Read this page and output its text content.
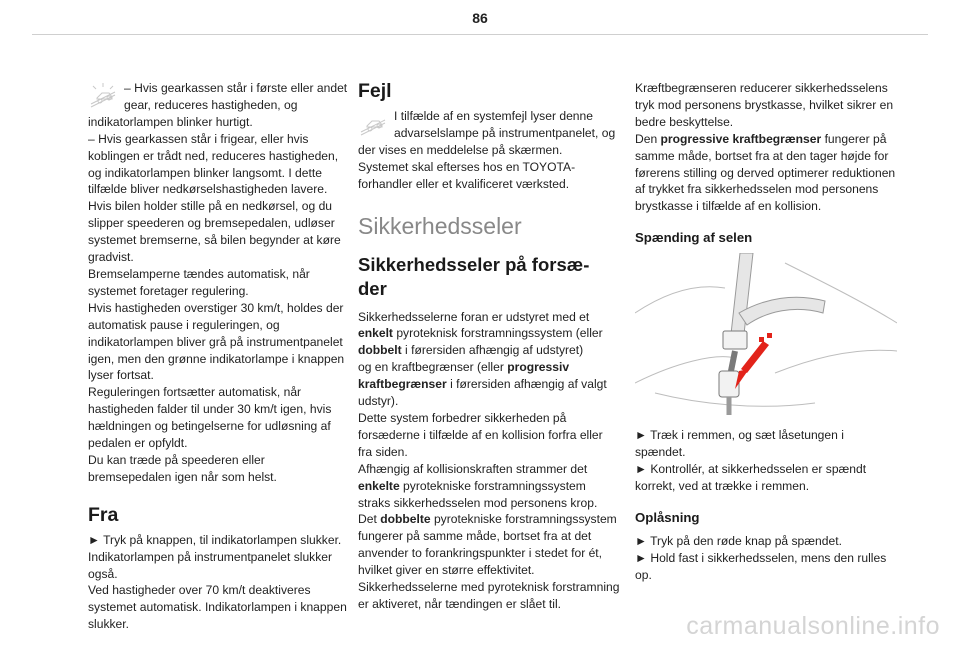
86

– Hvis gearkassen står i første eller andet gear, reduceres hastigheden, og indikatorlampen blinker hurtigt.

– Hvis gearkassen står i frigear, eller hvis koblingen er trådt ned, reduceres hastigheden, og indikatorlampen blinker langsomt. I dette tilfælde bliver nedkørselshastigheden lavere.

Hvis bilen holder stille på en nedkørsel, og du slipper speederen og bremsepedalen, udløser systemet bremserne, så bilen begynder at køre gradvist.

Bremselamperne tændes automatisk, når systemet foretager regulering.

Hvis hastigheden overstiger 30 km/t, holdes der automatisk pause i reguleringen, og indikatorlampen bliver grå på instrumentpanelet igen, men den grønne indikatorlampe i knappen lyser fortsat.

Reguleringen fortsætter automatisk, når hastigheden falder til under 30 km/t igen, hvis hældningen og betingelserne for udløsning af pedalen er opfyldt.

Du kan træde på speederen eller bremsepedalen igen når som helst.

Fra

► Tryk på knappen, til indikatorlampen slukker.

Indikatorlampen på instrumentpanelet slukker også.

Ved hastigheder over 70 km/t deaktiveres systemet automatisk. Indikatorlampen i knappen slukker.

Fejl

I tilfælde af en systemfejl lyser denne advarselslampe på instrumentpanelet, og der vises en meddelelse på skærmen.

Systemet skal efterses hos en TOYOTA-forhandler eller et kvalificeret værksted.

Sikkerhedsseler
Sikkerhedsseler på forsæ-
der

Sikkerhedsselerne foran er udstyret med et enkelt pyroteknisk forstramningssystem (eller dobbelt i førersiden afhængig af udstyret)

og en kraftbegrænser (eller progressiv kraftbegrænser i førersiden afhængig af valgt udstyr).

Dette system forbedrer sikkerheden på forsæderne i tilfælde af en kollision forfra eller fra siden.

Afhængig af kollisionskraften strammer det enkelte pyrotekniske forstramningssystem straks sikkerhedsselen mod personens krop.

Det dobbelte pyrotekniske forstramningssystem fungerer på samme måde, bortset fra at det anvender to forankringspunkter i stedet for ét, hvilket giver en større effektivitet.

Sikkerhedsselerne med pyroteknisk forstramning er aktiveret, når tændingen er slået til.

Kræftbegrænseren reducerer sikkerhedsselens tryk mod personens brystkasse, hvilket sikrer en bedre beskyttelse.

Den progressive kraftbegrænser fungerer på samme måde, bortset fra at den tager højde for førerens stilling og derved optimerer reduktionen af trykket fra sikkerhedsselen mod personens brystkasse i tilfælde af en kollision.

Spænding af selen

► Træk i remmen, og sæt låsetungen i spændet.

► Kontrollér, at sikkerhedsselen er spændt korrekt, ved at trække i remmen.

Oplåsning

► Tryk på den røde knap på spændet.

► Hold fast i sikkerhedsselen, mens den rulles op.

carmanualsonline.info
